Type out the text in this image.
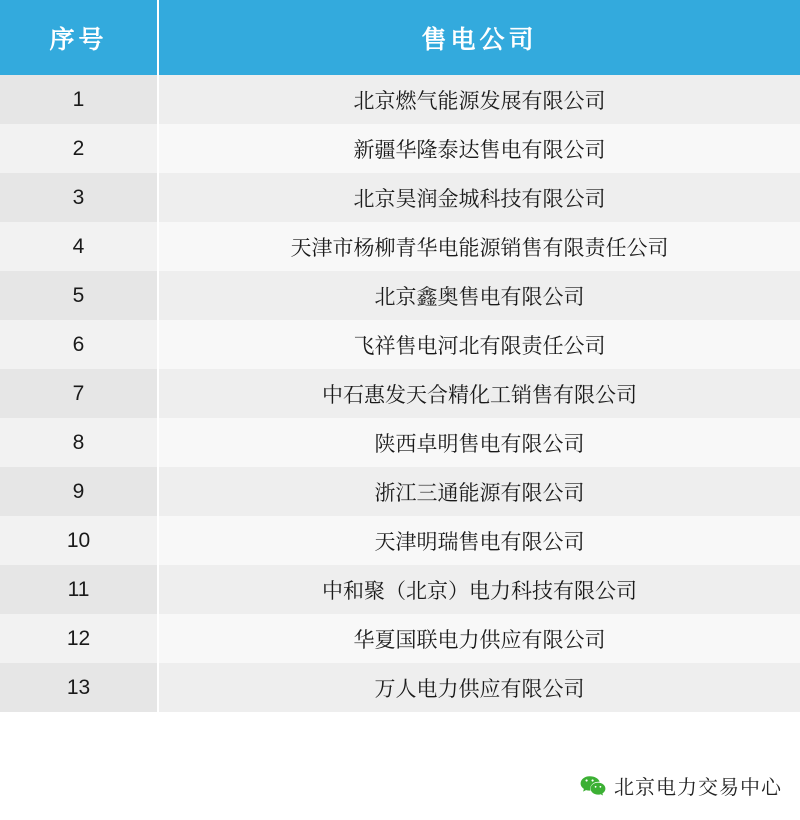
序号	售电公司
1	北京燃气能源发展有限公司
2	新疆华隆泰达售电有限公司
3	北京昊润金城科技有限公司
4	天津市杨柳青华电能源销售有限责任公司
5	北京鑫奥售电有限公司
6	飞祥售电河北有限责任公司
7	中石惠发天合精化工销售有限公司
8	陕西卓明售电有限公司
9	浙江三通能源有限公司
10	天津明瑞售电有限公司
11	中和聚（北京）电力科技有限公司
12	华夏国联电力供应有限公司
13	万人电力供应有限公司
北京电力交易中心
